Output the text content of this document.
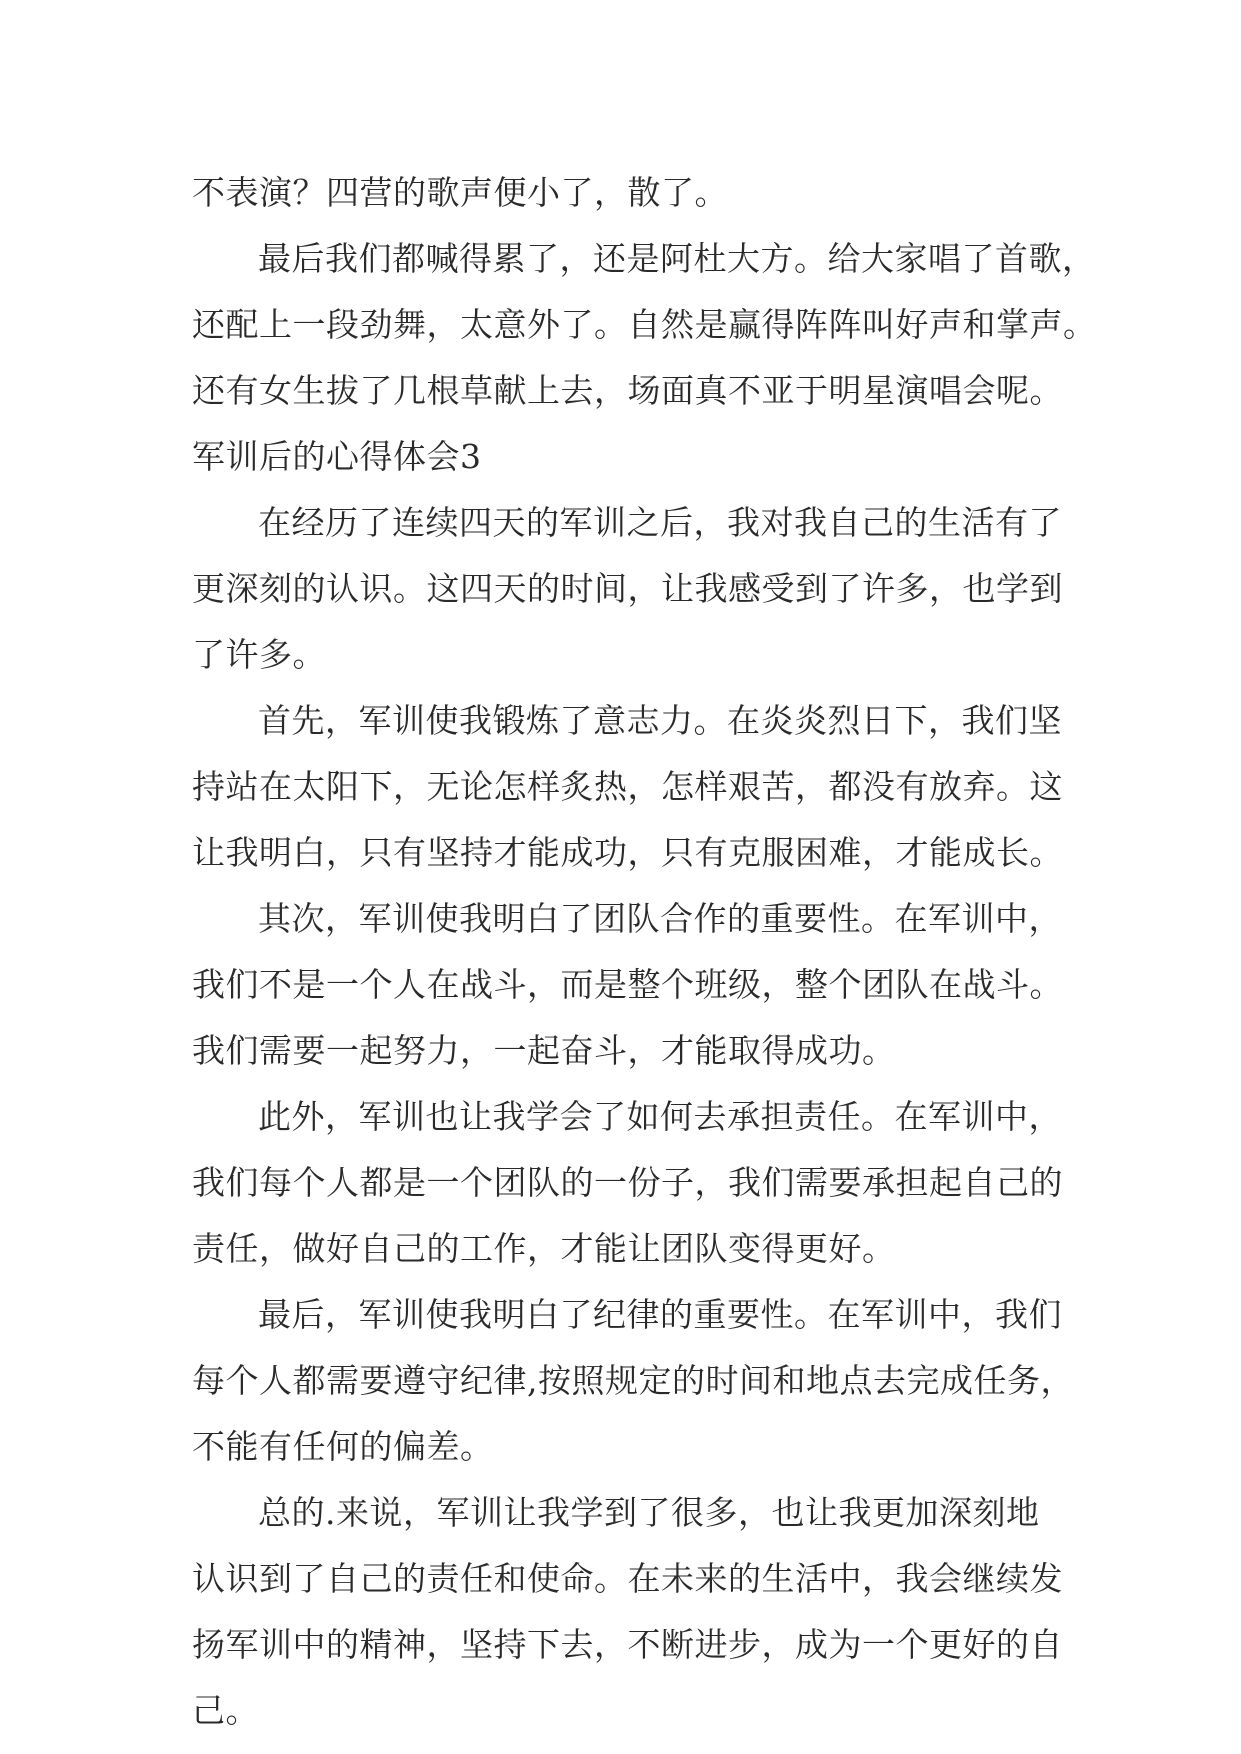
不表演？四营的歌声便小了，散了。
最后我们都喊得累了，还是阿杜大方。给大家唱了首歌，
还配上一段劲舞，太意外了。自然是赢得阵阵叫好声和掌声。
还有女生拔了几根草献上去，场面真不亚于明星演唱会呢。
军训后的心得体会3
在经历了连续四天的军训之后，我对我自己的生活有了
更深刻的认识。这四天的时间，让我感受到了许多，也学到
了许多。
首先，军训使我锻炼了意志力。在炎炎烈日下，我们坚
持站在太阳下，无论怎样炙热，怎样艰苦，都没有放弃。这
让我明白，只有坚持才能成功，只有克服困难，才能成长。
其次，军训使我明白了团队合作的重要性。在军训中，
我们不是一个人在战斗，而是整个班级，整个团队在战斗。
我们需要一起努力，一起奋斗，才能取得成功。
此外，军训也让我学会了如何去承担责任。在军训中，
我们每个人都是一个团队的一份子，我们需要承担起自己的
责任，做好自己的工作，才能让团队变得更好。
最后，军训使我明白了纪律的重要性。在军训中，我们
每个人都需要遵守纪律,按照规定的时间和地点去完成任务，
不能有任何的偏差。
总的.来说，军训让我学到了很多，也让我更加深刻地
认识到了自己的责任和使命。在未来的生活中，我会继续发
扬军训中的精神，坚持下去，不断进步，成为一个更好的自
己。
